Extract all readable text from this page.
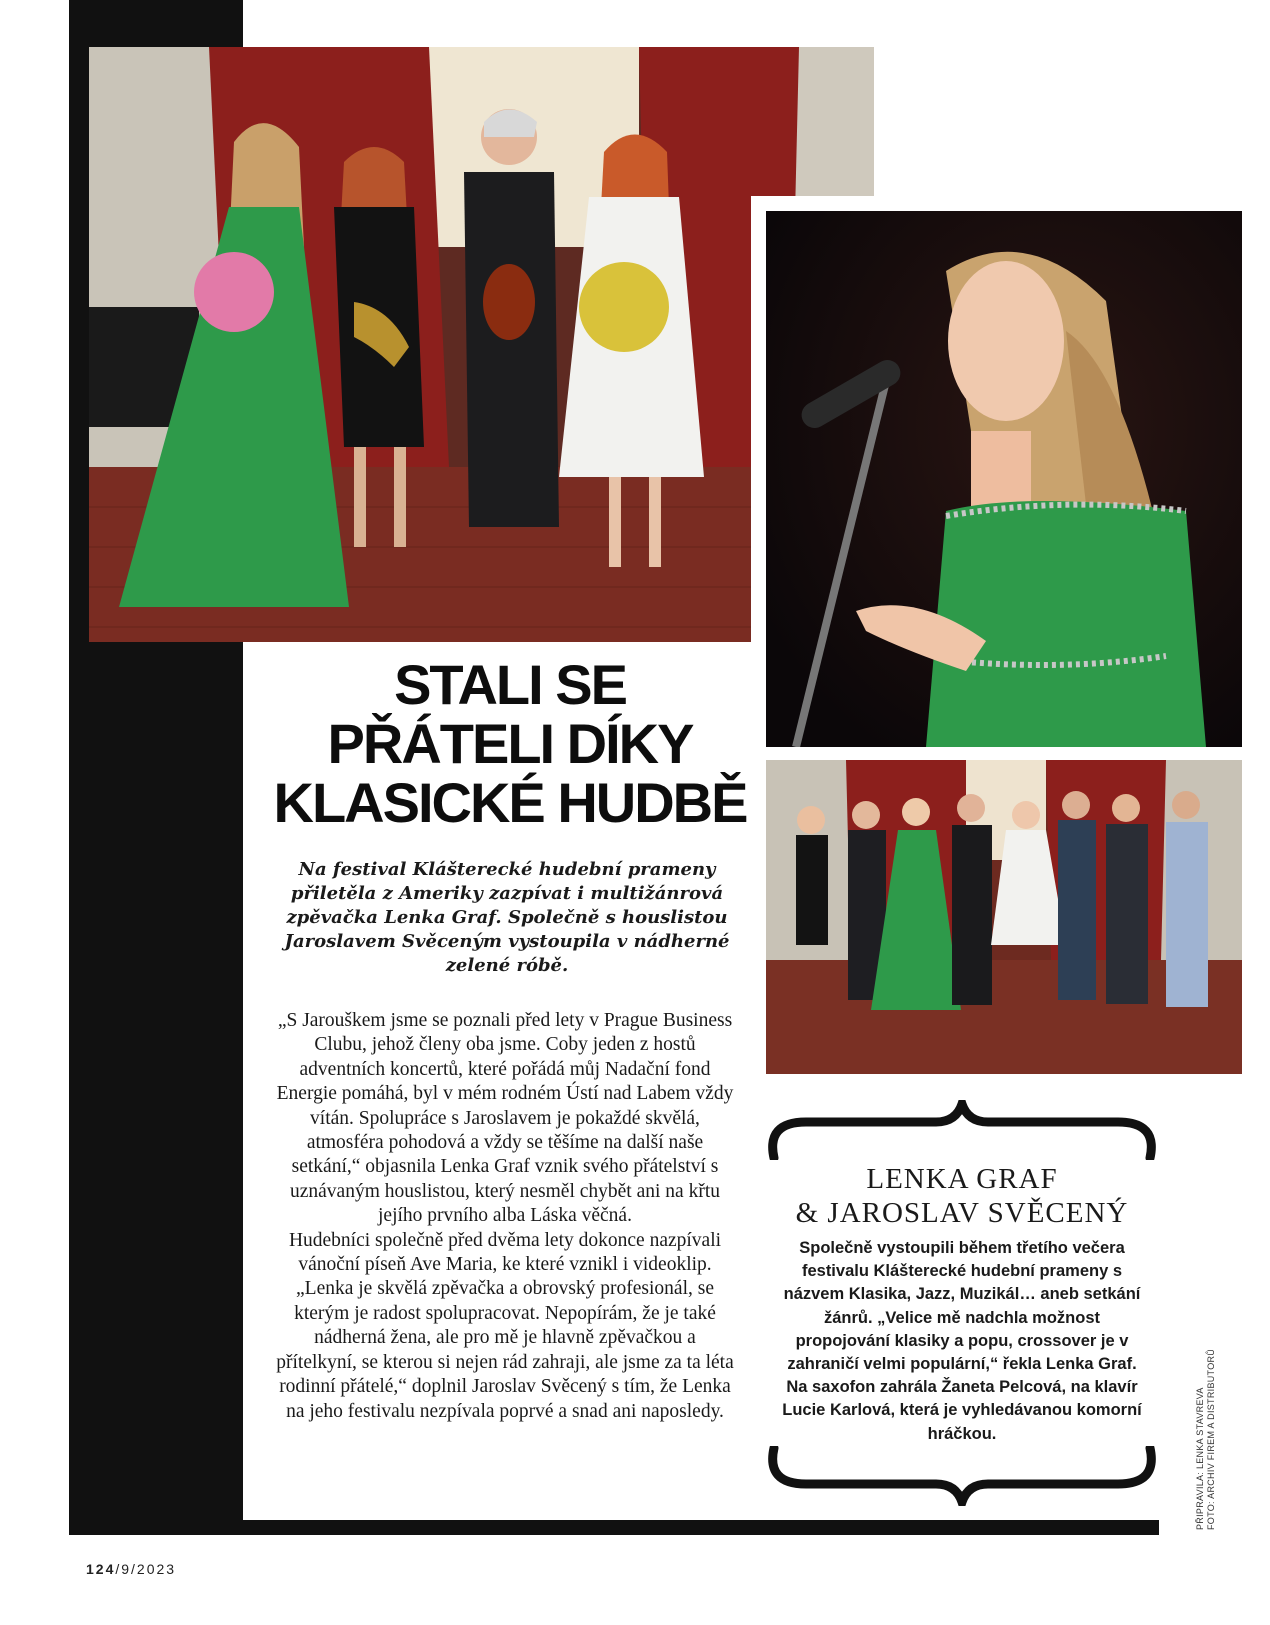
STALI SE
PŘÁTELI DÍKY
KLASICKÉ HUDBĚ
Na festival Klášterecké hudební prameny přiletěla z Ameriky zazpívat i multižánrová zpěvačka Lenka Graf. Společně s houslistou Jaroslavem Svěceným vystoupila v nádherné zelené róbě.

„S Jarouškem jsme se poznali před lety v Prague Business Clubu, jehož členy oba jsme. Coby jeden z hostů adventních koncertů, které pořádá můj Nadační fond Energie pomáhá, byl v mém rodném Ústí nad Labem vždy vítán. Spolupráce s Jaroslavem je pokaždé skvělá, atmosféra pohodová a vždy se těšíme na další naše setkání,“ objasnila Lenka Graf vznik svého přátelství s uznávaným houslistou, který nesměl chybět ani na křtu jejího prvního alba Láska věčná.

Hudebníci společně před dvěma lety dokonce nazpívali vánoční píseň Ave Maria, ke které vznikl i videoklip. „Lenka je skvělá zpěvačka a obrovský profesionál, se kterým je radost spolupracovat. Nepopírám, že je také nádherná žena, ale pro mě je hlavně zpěvačkou a přítelkyní, se kterou si nejen rád zahraji, ale jsme za ta léta rodinní přátelé,“ doplnil Jaroslav Svěcený s tím, že Lenka na jeho festivalu nezpívala poprvé a snad ani naposledy.

LENKA GRAF
& JAROSLAV SVĚCENÝ
Společně vystoupili během třetího večera festivalu Klášterecké hudební prameny s názvem Klasika, Jazz, Muzikál… aneb setkání žánrů. „Velice mě nadchla možnost propojování klasiky a popu, crossover je v zahraničí velmi populární,“ řekla Lenka Graf. Na saxofon zahrála Žaneta Pelcová, na klavír Lucie Karlová, která je vyhledávanou komorní hráčkou.	PŘIPRAVILA: LENKA STAVREVA FOTO: ARCHIV FIREM A DISTRIBUTORŮ
124/9/2023
